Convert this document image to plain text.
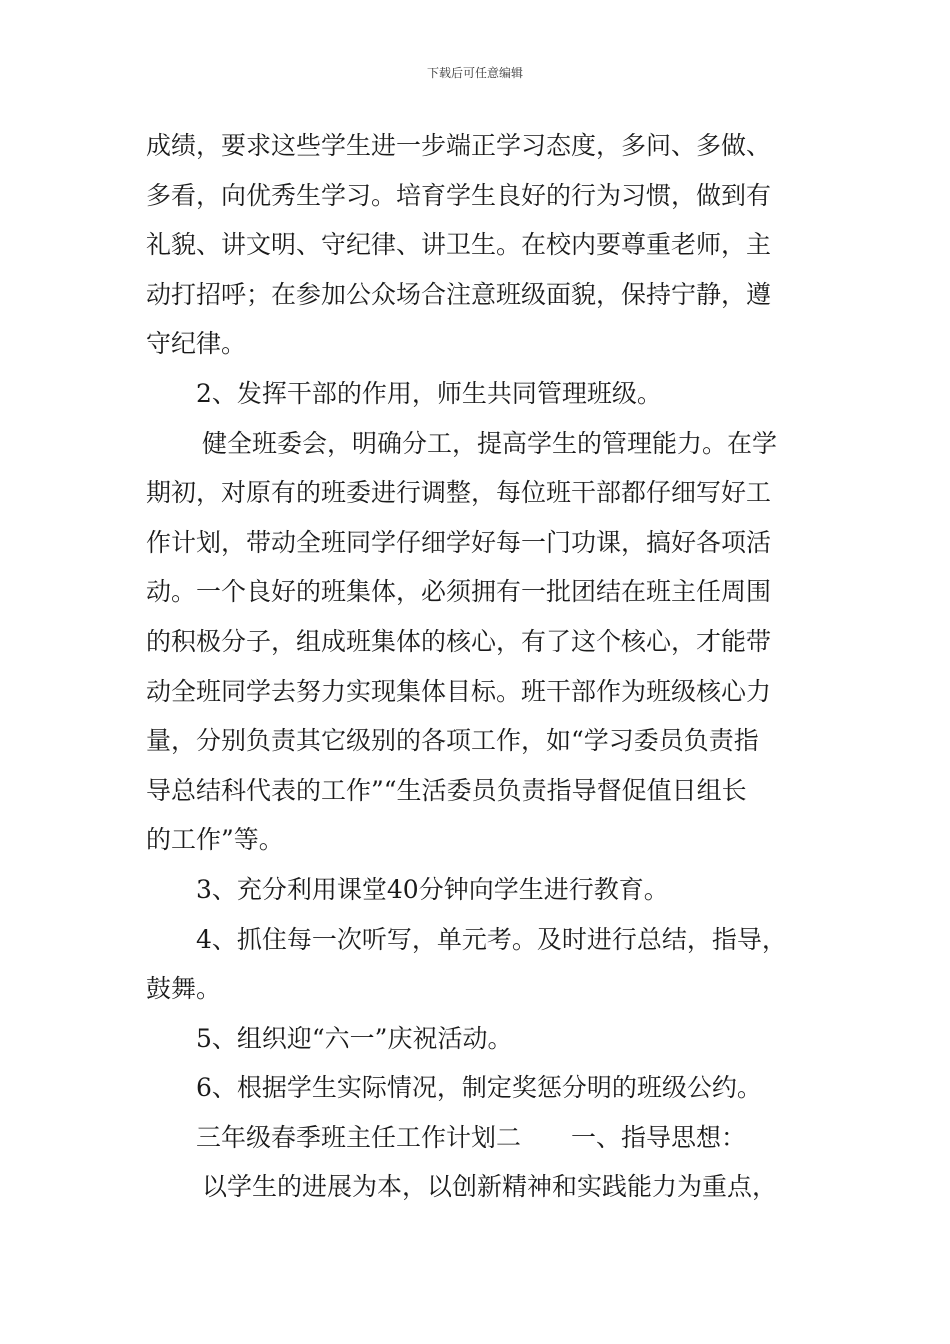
下载后可任意编辑
成绩，要求这些学生进一步端正学习态度，多问、多做、
多看，向优秀生学习。培育学生良好的行为习惯，做到有
礼貌、讲文明、守纪律、讲卫生。在校内要尊重老师，主
动打招呼；在参加公众场合注意班级面貌，保持宁静，遵
守纪律。
2、发挥干部的作用，师生共同管理班级。
健全班委会，明确分工，提高学生的管理能力。在学
期初，对原有的班委进行调整，每位班干部都仔细写好工
作计划，带动全班同学仔细学好每一门功课，搞好各项活
动。一个良好的班集体，必须拥有一批团结在班主任周围
的积极分子，组成班集体的核心，有了这个核心，才能带
动全班同学去努力实现集体目标。班干部作为班级核心力
量，分别负责其它级别的各项工作，如“学习委员负责指
导总结科代表的工作”“生活委员负责指导督促值日组长
的工作”等。
3、充分利用课堂40分钟向学生进行教育。
4、抓住每一次听写，单元考。及时进行总结，指导，
鼓舞。
5、组织迎“六一”庆祝活动。
6、根据学生实际情况，制定奖惩分明的班级公约。
三年级春季班主任工作计划二　　一、指导思想：
以学生的进展为本，以创新精神和实践能力为重点，
